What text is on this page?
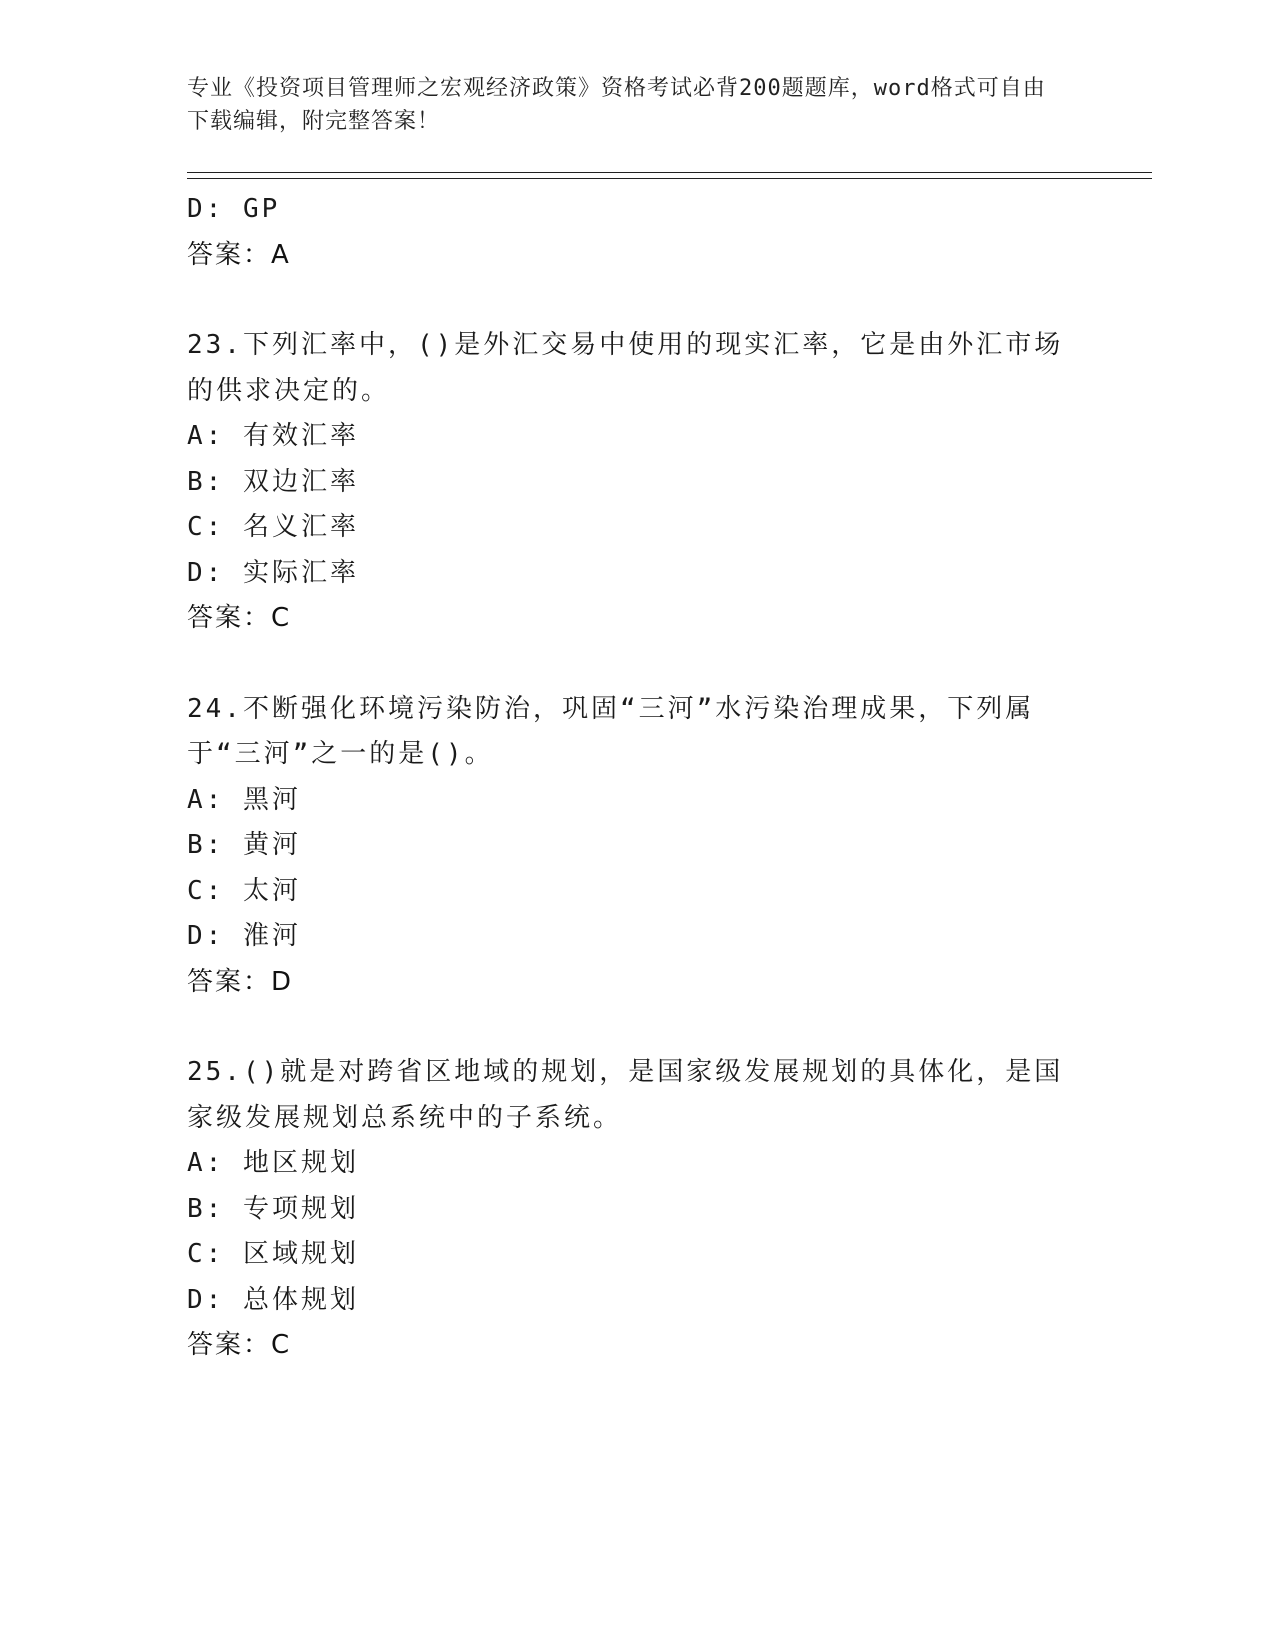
专业《投资项目管理师之宏观经济政策》资格考试必背200题题库，word格式可自由下载编辑，附完整答案！
D: GP
答案：A
23.下列汇率中，()是外汇交易中使用的现实汇率，它是由外汇市场的供求决定的。
A: 有效汇率
B: 双边汇率
C: 名义汇率
D: 实际汇率
答案：C
24.不断强化环境污染防治，巩固“三河”水污染治理成果，下列属于“三河”之一的是()。
A: 黑河
B: 黄河
C: 太河
D: 淮河
答案：D
25.()就是对跨省区地域的规划，是国家级发展规划的具体化，是国家级发展规划总系统中的子系统。
A: 地区规划
B: 专项规划
C: 区域规划
D: 总体规划
答案：C
